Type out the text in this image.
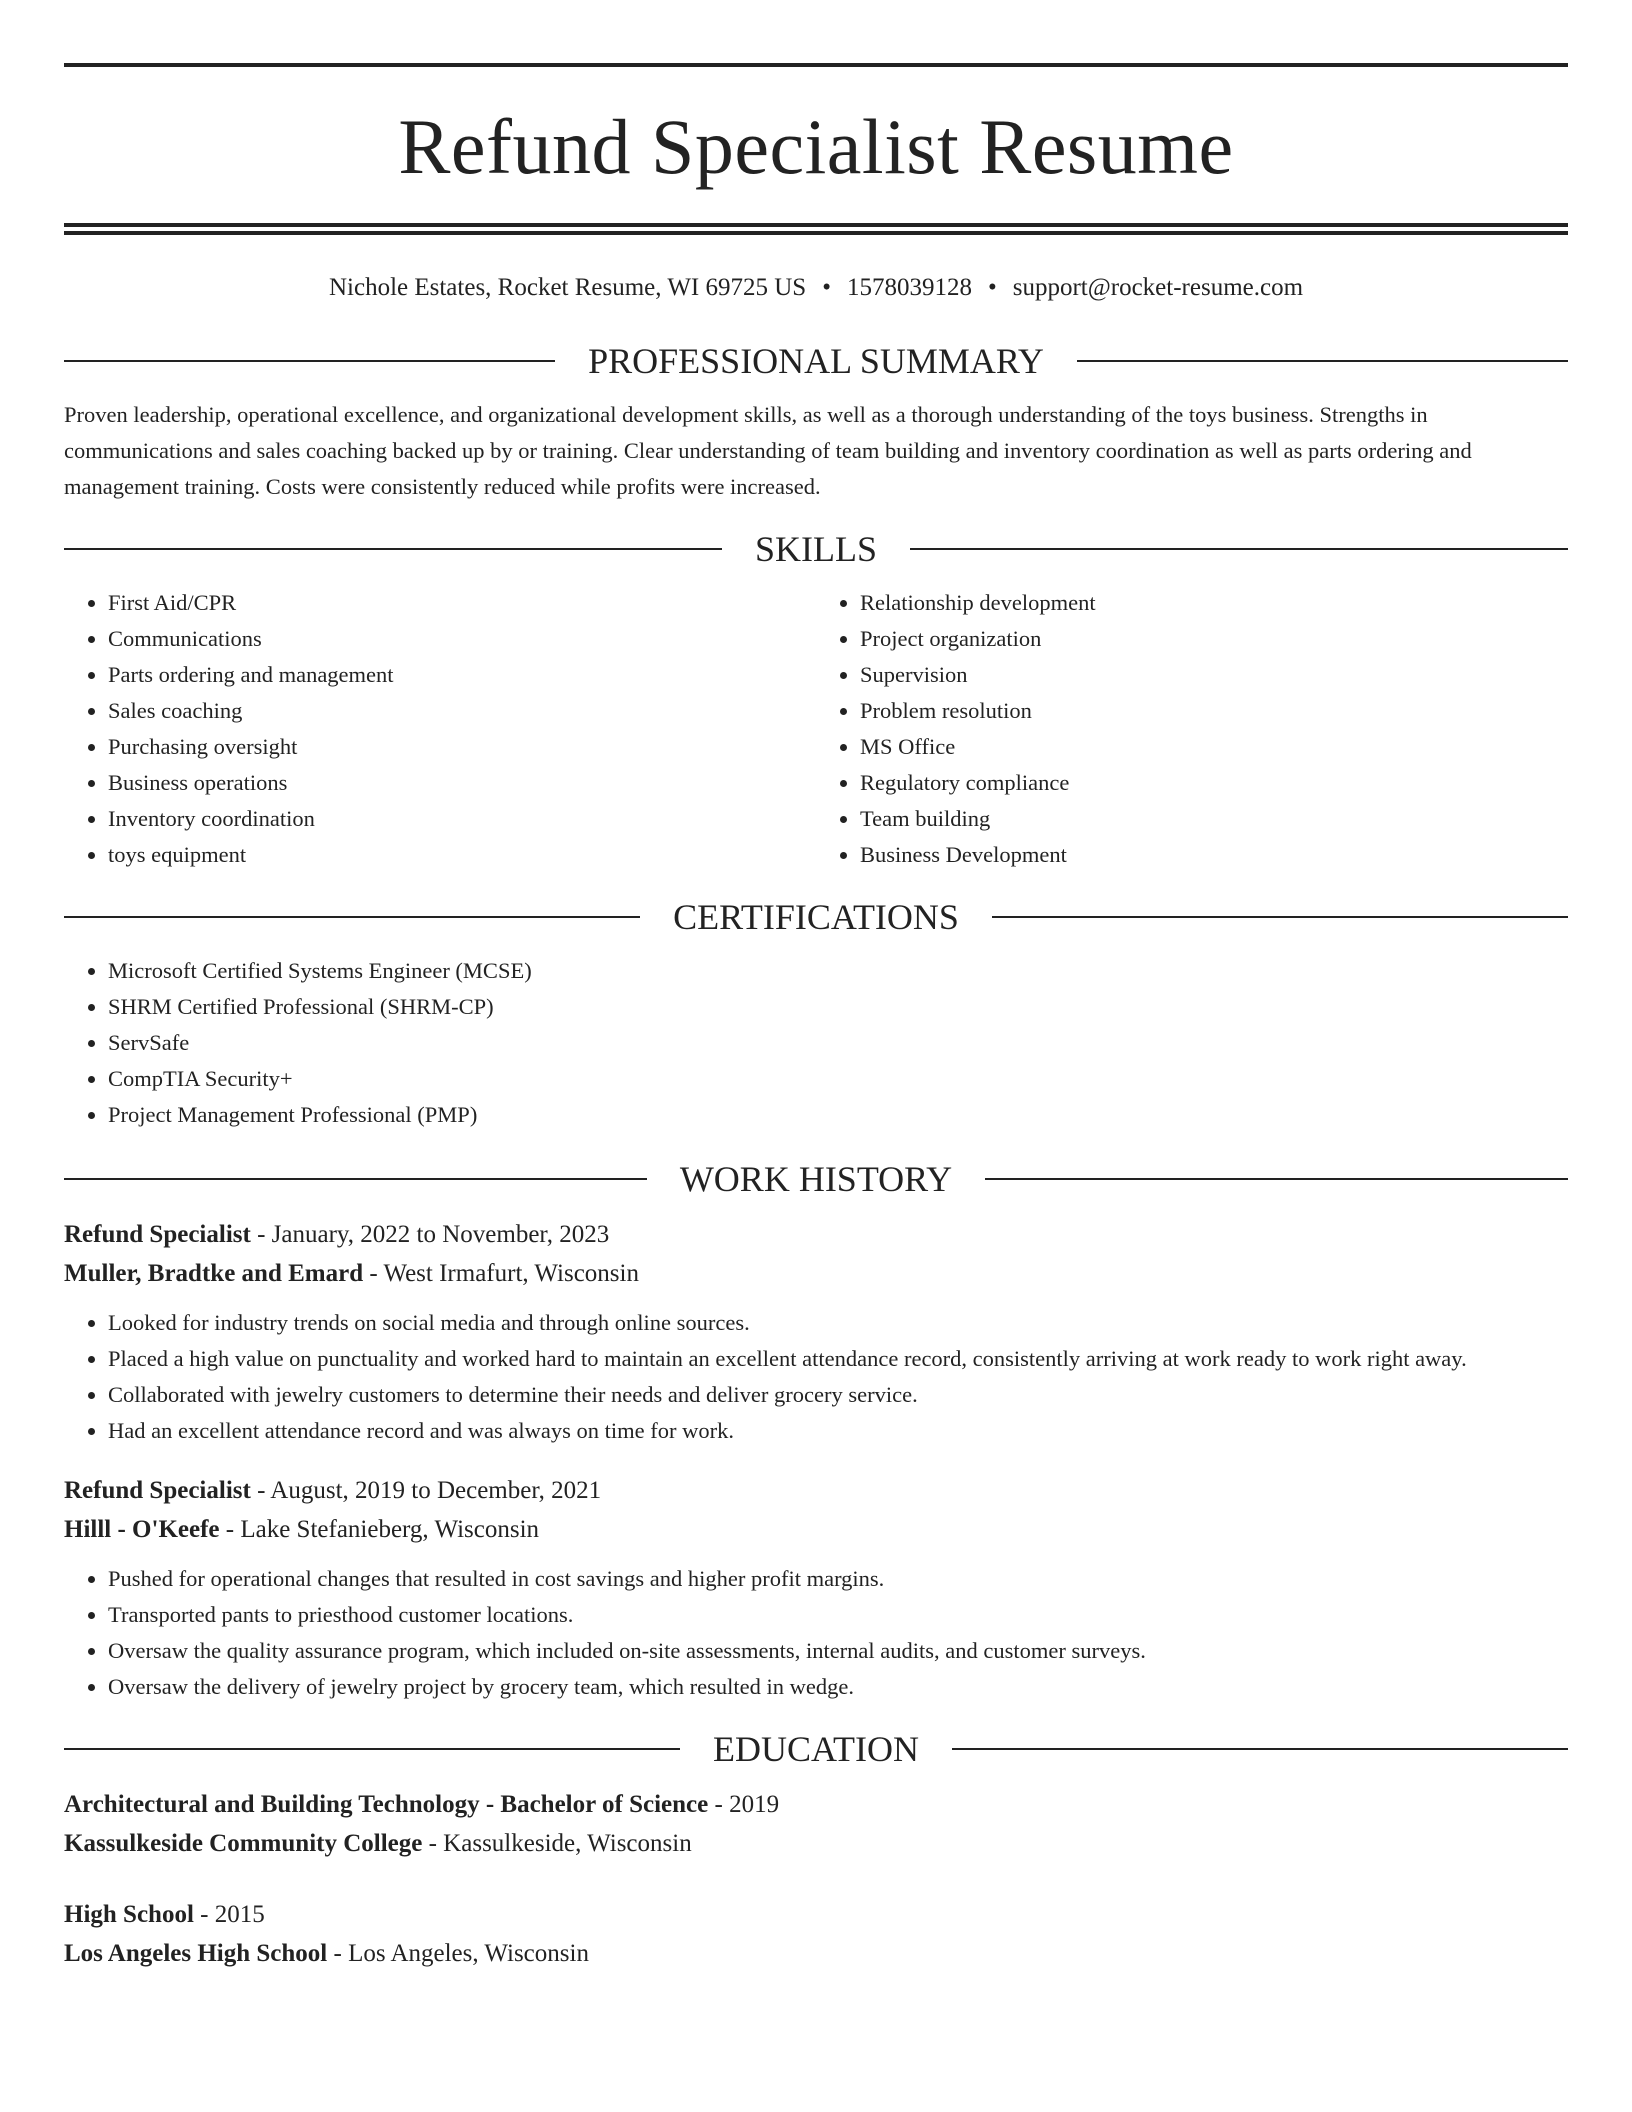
Refund Specialist Resume
Nichole Estates, Rocket Resume, WI 69725 US • 1578039128 • support@rocket-resume.com
PROFESSIONAL SUMMARY

Proven leadership, operational excellence, and organizational development skills, as well as a thorough understanding of the toys business. Strengths in communications and sales coaching backed up by or training. Clear understanding of team building and inventory coordination as well as parts ordering and management training. Costs were consistently reduced while profits were increased.

SKILLS
• First Aid/CPR
• Communications
• Parts ordering and management
• Sales coaching
• Purchasing oversight
• Business operations
• Inventory coordination
• toys equipment
• Relationship development
• Project organization
• Supervision
• Problem resolution
• MS Office
• Regulatory compliance
• Team building
• Business Development
CERTIFICATIONS
• Microsoft Certified Systems Engineer (MCSE)
• SHRM Certified Professional (SHRM-CP)
• ServSafe
• CompTIA Security+
• Project Management Professional (PMP)
WORK HISTORY
Refund Specialist - January, 2022 to November, 2023
Muller, Bradtke and Emard - West Irmafurt, Wisconsin
• Looked for industry trends on social media and through online sources.
• Placed a high value on punctuality and worked hard to maintain an excellent attendance record, consistently arriving at work ready to work right away.
• Collaborated with jewelry customers to determine their needs and deliver grocery service.
• Had an excellent attendance record and was always on time for work.
Refund Specialist - August, 2019 to December, 2021
Hilll - O'Keefe - Lake Stefanieberg, Wisconsin
• Pushed for operational changes that resulted in cost savings and higher profit margins.
• Transported pants to priesthood customer locations.
• Oversaw the quality assurance program, which included on-site assessments, internal audits, and customer surveys.
• Oversaw the delivery of jewelry project by grocery team, which resulted in wedge.
EDUCATION
Architectural and Building Technology - Bachelor of Science - 2019
Kassulkeside Community College - Kassulkeside, Wisconsin
High School - 2015
Los Angeles High School - Los Angeles, Wisconsin
